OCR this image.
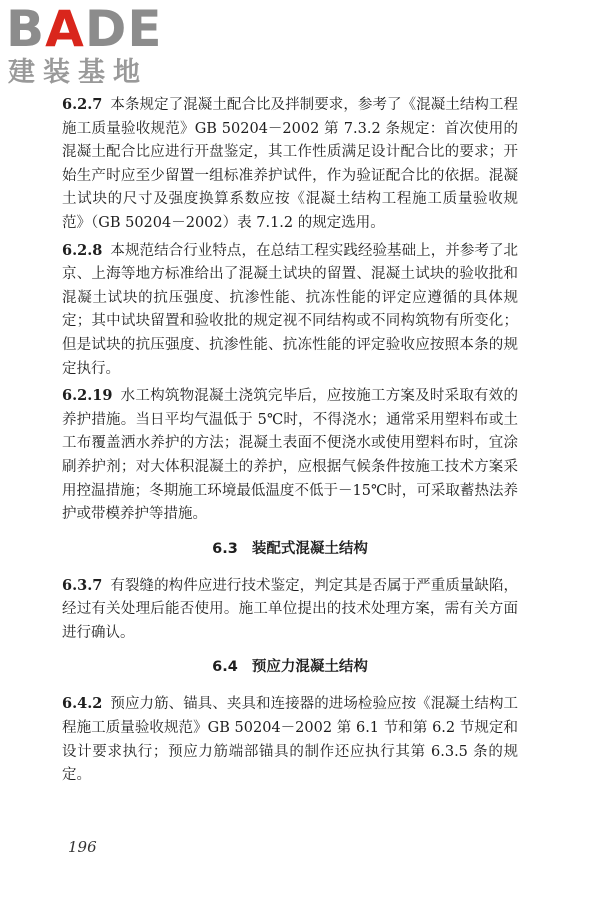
B A DE
建装基地

6.2.7 本条规定了混凝土配合比及拌制要求，参考了《混凝土结构工程施工质量验收规范》GB 50204－2002 第 7.3.2 条规定：首次使用的混凝土配合比应进行开盘鉴定，其工作性质满足设计配合比的要求；开始生产时应至少留置一组标准养护试件，作为验证配合比的依据。混凝土试块的尺寸及强度换算系数应按《混凝土结构工程施工质量验收规范》（GB 50204－2002）表 7.1.2 的规定选用。

6.2.8 本规范结合行业特点，在总结工程实践经验基础上，并参考了北京、上海等地方标准给出了混凝土试块的留置、混凝土试块的验收批和混凝土试块的抗压强度、抗渗性能、抗冻性能的评定应遵循的具体规定；其中试块留置和验收批的规定视不同结构或不同构筑物有所变化；但是试块的抗压强度、抗渗性能、抗冻性能的评定验收应按照本条的规定执行。

6.2.19 水工构筑物混凝土浇筑完毕后，应按施工方案及时采取有效的养护措施。当日平均气温低于 5℃时，不得浇水；通常采用塑料布或土工布覆盖洒水养护的方法；混凝土表面不便浇水或使用塑料布时，宜涂刷养护剂；对大体积混凝土的养护，应根据气候条件按施工技术方案采用控温措施；冬期施工环境最低温度不低于－15℃时，可采取蓄热法养护或带模养护等措施。

6.3 装配式混凝土结构

6.3.7 有裂缝的构件应进行技术鉴定，判定其是否属于严重质量缺陷，经过有关处理后能否使用。施工单位提出的技术处理方案，需有关方面进行确认。

6.4 预应力混凝土结构

6.4.2 预应力筋、锚具、夹具和连接器的进场检验应按《混凝土结构工程施工质量验收规范》GB 50204－2002 第 6.1 节和第 6.2 节规定和设计要求执行；预应力筋端部锚具的制作还应执行其第 6.3.5 条的规定。

196
